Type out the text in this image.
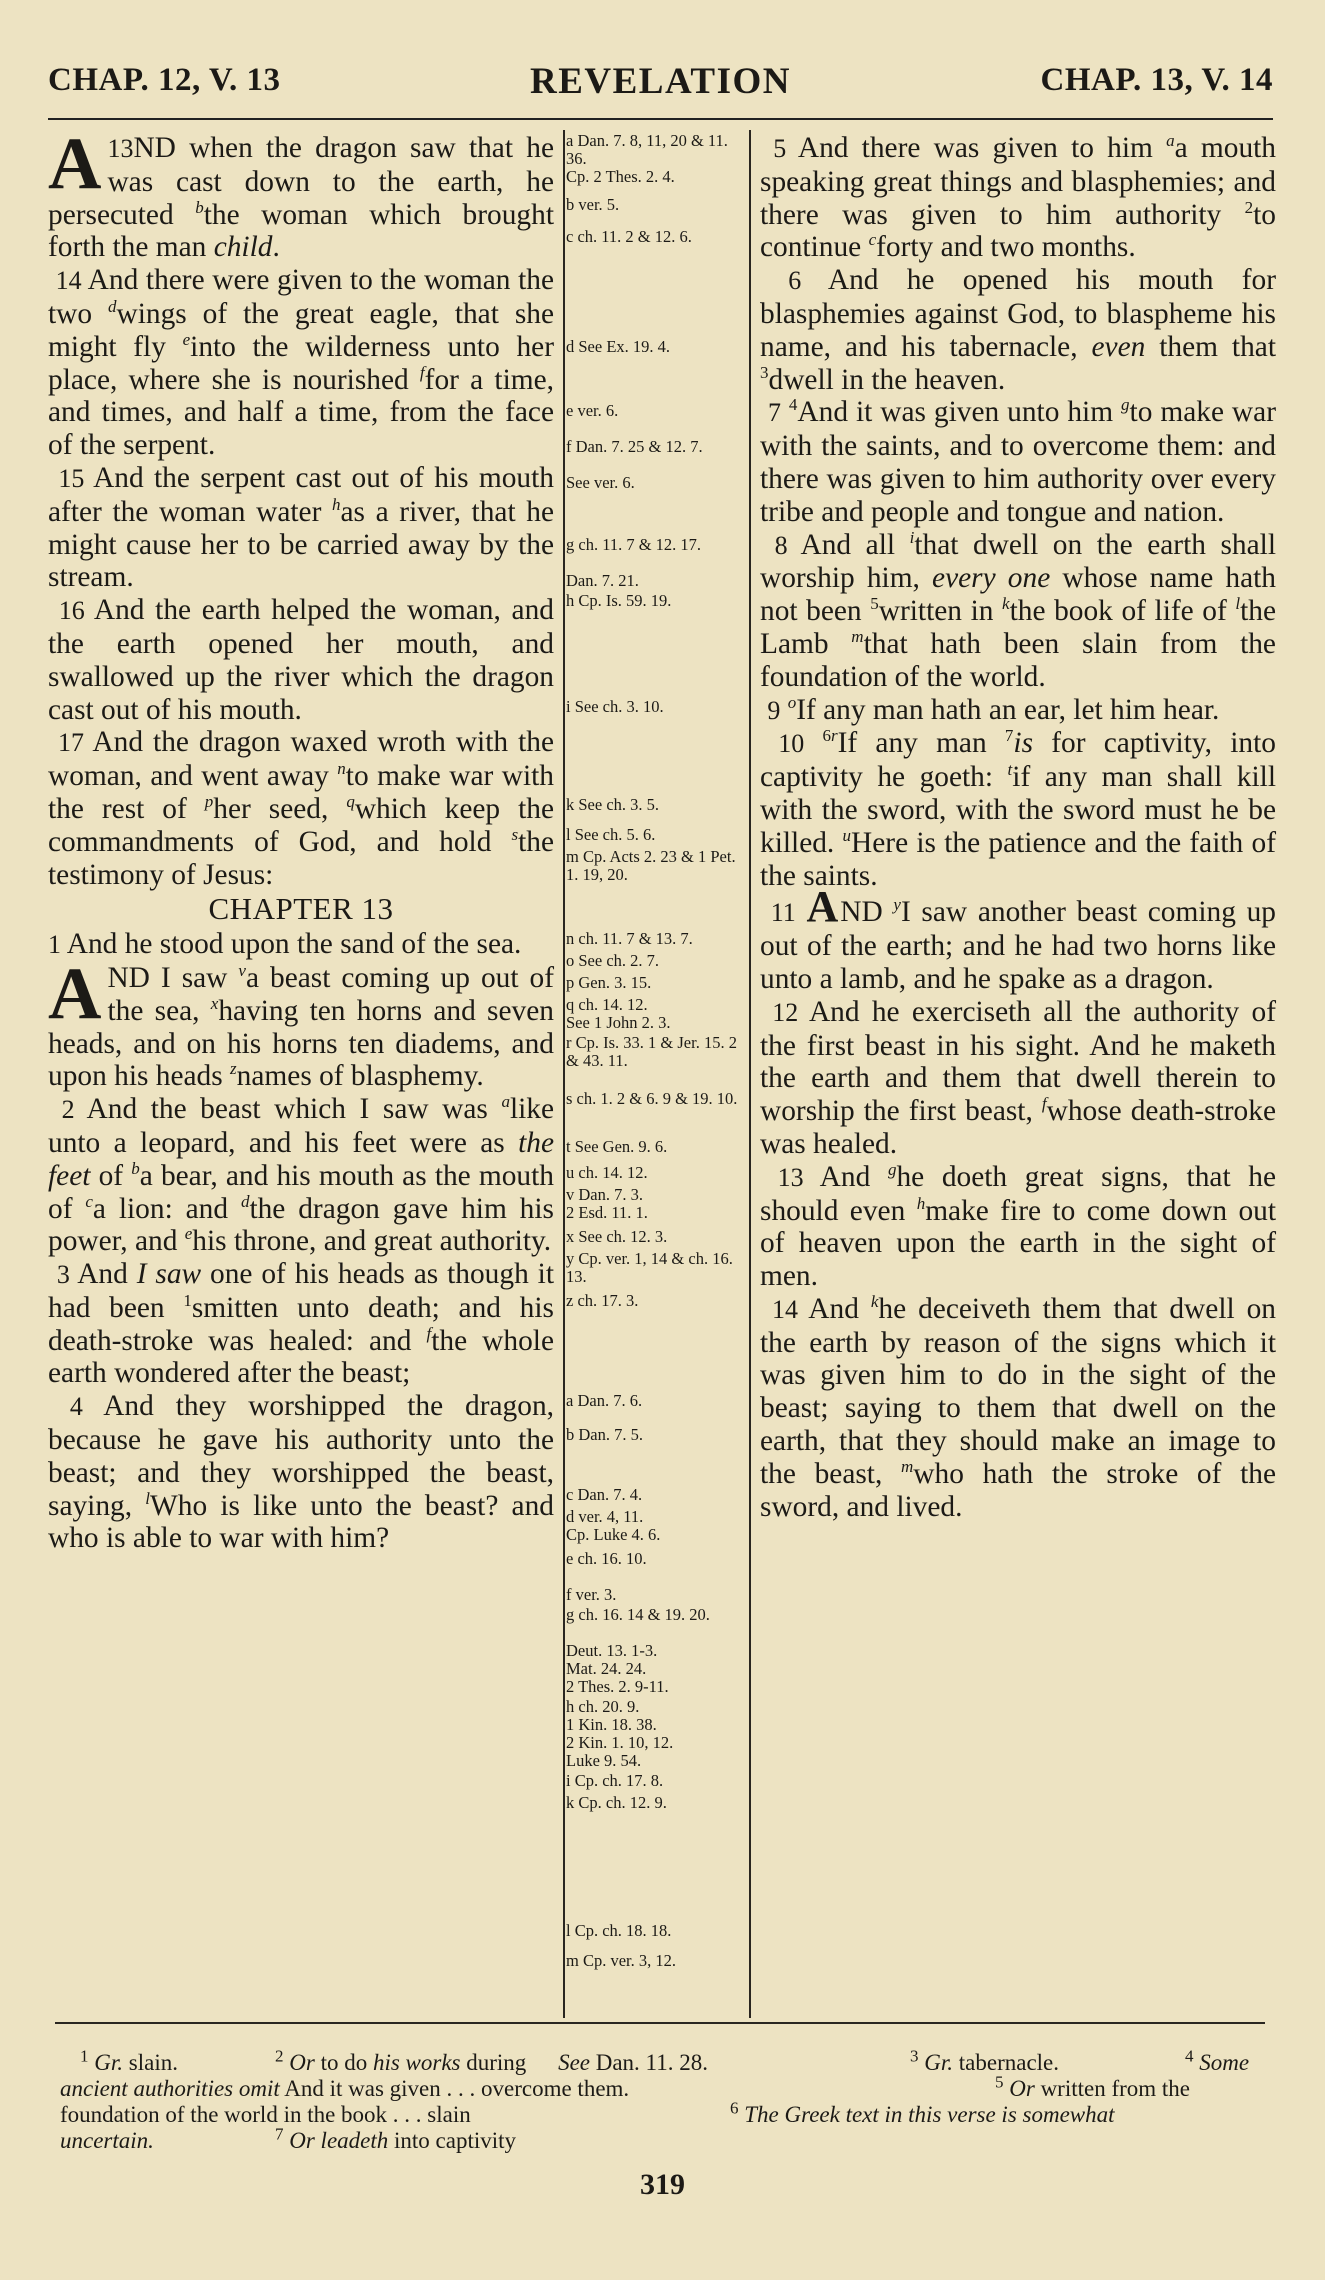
CHAP. 12, V. 13	REVELATION	CHAP. 13, V. 14

13
A ND when the dragon saw that he was cast down to the earth, he persecuted $^b$the woman which brought forth the man child.

14 And there were given to the woman the two $^d$wings of the great eagle, that she might fly $^e$into the wilderness unto her place, where she is nourished $^f$for a time, and times, and half a time, from the face of the serpent.

15 And the serpent cast out of his mouth after the woman water $^h$as a river, that he might cause her to be carried away by the stream.

16 And the earth helped the woman, and the earth opened her mouth, and swallowed up the river which the dragon cast out of his mouth.

17 And the dragon waxed wroth with the woman, and went away $^n$to make war with the rest of $^p$her seed, $^q$which keep the commandments of God, and hold $^s$the testimony of Jesus:

CHAPTER 13

1 And he stood upon the sand of the sea.

AND I saw $^v$a beast coming up out of the sea, $^x$having ten horns and seven heads, and on his horns ten diadems, and upon his heads $^z$names of blasphemy.

2 And the beast which I saw was $^a$like unto a leopard, and his feet were as the feet of $^b$a bear, and his mouth as the mouth of $^c$a lion: and $^d$the dragon gave him his power, and $^e$his throne, and great authority.

3 And I saw one of his heads as though it had been $^1$smitten unto death; and his death-stroke was healed: and $^f$the whole earth wondered after the beast;

4 And they worshipped the dragon, because he gave his authority unto the beast; and they worshipped the beast, saying, $^l$Who is like unto the beast? and who is able to war with him?

a Dan. 7. 8, 11, 20 & 11. 36.
Cp. 2 Thes. 2. 4.
b ver. 5.
c ch. 11. 2 & 12. 6.
d See Ex. 19. 4.
e ver. 6.
f Dan. 7. 25 & 12. 7.
See ver. 6.
g ch. 11. 7 & 12. 17.
Dan. 7. 21.
h Cp. Is. 59. 19.
i See ch. 3. 10.
k See ch. 3. 5.
l See ch. 5. 6.
m Cp. Acts 2. 23 & 1 Pet. 1. 19, 20.
n ch. 11. 7 & 13. 7.
o See ch. 2. 7.
p Gen. 3. 15.
q ch. 14. 12.
See 1 John 2. 3.
r Cp. Is. 33. 1 & Jer. 15. 2 & 43. 11.
s ch. 1. 2 & 6. 9 & 19. 10.
t See Gen. 9. 6.
u ch. 14. 12.
v Dan. 7. 3.
2 Esd. 11. 1.
x See ch. 12. 3.
y Cp. ver. 1, 14 & ch. 16. 13.
z ch. 17. 3.
a Dan. 7. 6.
b Dan. 7. 5.
c Dan. 7. 4.
d ver. 4, 11.
Cp. Luke 4. 6.
e ch. 16. 10.
f ver. 3.
g ch. 16. 14 & 19. 20.
Deut. 13. 1-3.
Mat. 24. 24.
2 Thes. 2. 9-11.
h ch. 20. 9.
1 Kin. 18. 38.
2 Kin. 1. 10, 12.
Luke 9. 54.
i Cp. ch. 17. 8.
k Cp. ch. 12. 9.
l Cp. ch. 18. 18.
m Cp. ver. 3, 12.

5 And there was given to him $^a$a mouth speaking great things and blasphemies; and there was given to him authority $^2$to continue $^c$forty and two months.

6 And he opened his mouth for blasphemies against God, to blaspheme his name, and his tabernacle, even them that $^3$dwell in the heaven.

7 $^4$And it was given unto him $^g$to make war with the saints, and to overcome them: and there was given to him authority over every tribe and people and tongue and nation.

8 And all $^i$that dwell on the earth shall worship him, every one whose name hath not been $^5$written in $^k$the book of life of $^l$the Lamb $^m$that hath been slain from the foundation of the world.

9 $^o$If any man hath an ear, let him hear.

10 $^{6r}$If any man $^7$is for captivity, into captivity he goeth: $^t$if any man shall kill with the sword, with the sword must he be killed. $^u$Here is the patience and the faith of the saints.

11 AND $^y$I saw another beast coming up out of the earth; and he had two horns like unto a lamb, and he spake as a dragon.

12 And he exerciseth all the authority of the first beast in his sight. And he maketh the earth and them that dwell therein to worship the first beast, $^f$whose death-stroke was healed.

13 And $^g$he doeth great signs, that he should even $^h$make fire to come down out of heaven upon the earth in the sight of men.

14 And $^k$he deceiveth them that dwell on the earth by reason of the signs which it was given him to do in the sight of the beast; saying to them that dwell on the earth, that they should make an image to the beast, $^m$who hath the stroke of the sword, and lived.

$^1$ Gr. slain.	$^2$ Or to do his works during See Dan. 11. 28.	$^3$ Gr. tabernacle.	$^4$ Some
ancient authorities omit And it was given . . . overcome them.	$^5$ Or written from the
foundation of the world in the book . . . slain	$^6$ The Greek text in this verse is somewhat
uncertain.	$^7$ Or leadeth into captivity
319
